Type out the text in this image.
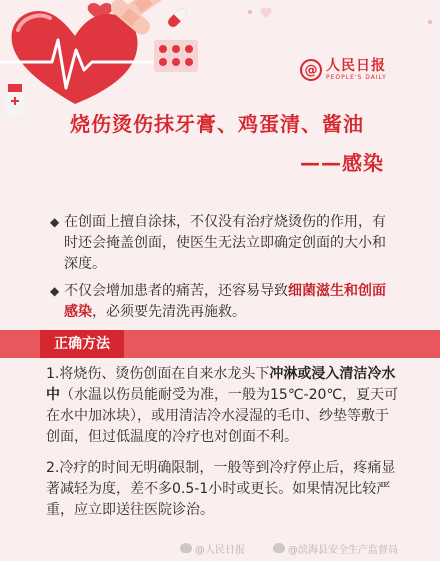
@ 人民日报
PEOPLE'S DAILY
烧伤烫伤抹牙膏、鸡蛋清、酱油
——感染
◆ 在创面上擅自涂抹，不仅没有治疗烧烫伤的作用，有时还会掩盖创面，使医生无法立即确定创面的大小和深度。
◆ 不仅会增加患者的痛苦，还容易导致细菌滋生和创面感染，必须要先清洗再施救。
正确方法

1.将烧伤、烫伤创面在自来水龙头下冲淋或浸入清洁冷水中（水温以伤员能耐受为准，一般为15℃-20℃，夏天可在水中加冰块），或用清洁冷水浸湿的毛巾、纱垫等敷于创面，但过低温度的冷疗也对创面不利。

2.冷疗的时间无明确限制，一般等到冷疗停止后，疼痛显著减轻为度，差不多0.5-1小时或更长。如果情况比较严重，应立即送往医院诊治。

@人民日报	@滨海县安全生产监督局
